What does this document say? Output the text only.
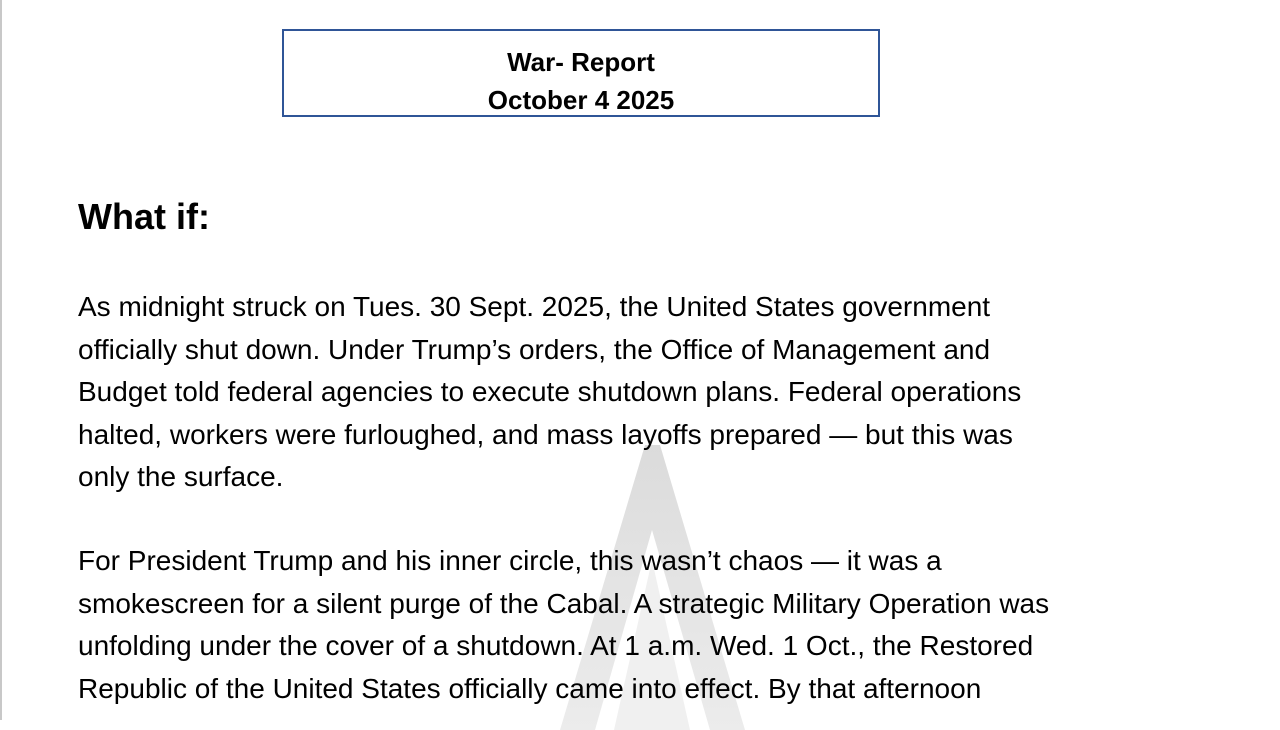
War- Report
October 4 2025
What if:
As midnight struck on Tues. 30 Sept. 2025, the United States government
officially shut down. Under Trump’s orders, the Office of Management and
Budget told federal agencies to execute shutdown plans. Federal operations
halted, workers were furloughed, and mass layoffs prepared — but this was
only the surface.
For President Trump and his inner circle, this wasn’t chaos — it was a
smokescreen for a silent purge of the Cabal. A strategic Military Operation was
unfolding under the cover of a shutdown. At 1 a.m. Wed. 1 Oct., the Restored
Republic of the United States officially came into effect. By that afternoon
